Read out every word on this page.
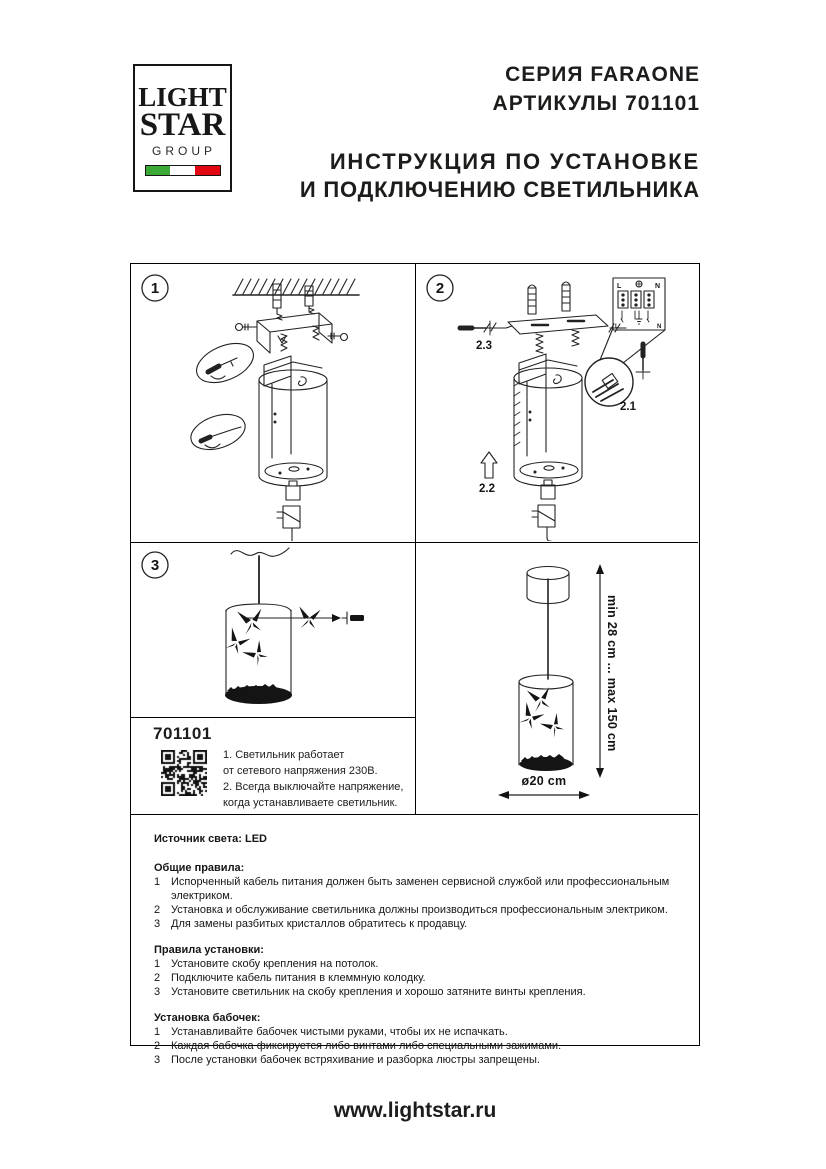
LIGHT
STAR
GROUP
СЕРИЯ FARAONE
АРТИКУЛЫ 701101
ИНСТРУКЦИЯ ПО УСТАНОВКЕ
И ПОДКЛЮЧЕНИЮ СВЕТИЛЬНИКА
1	2	L	N
L	N
2.3
2.2
2.1
3
701101
1. Светильник работает
от сетевого напряжения 230В.
2. Всегда выключайте напряжение,
когда устанавливаете светильник.
min 28 cm ... max 150 cm
ø20 cm
Источник света: LED
Общие правила:
1 Испорченный кабель питания должен быть заменен сервисной службой или профессиональным электриком.
2 Установка и обслуживание светильника должны производиться профессиональным электриком.
3 Для замены разбитых кристаллов обратитесь к продавцу.
Правила установки:
1 Установите скобу крепления на потолок.
2 Подключите кабель питания в клеммную колодку.
3 Установите светильник на скобу крепления и хорошо затяните винты крепления.
Установка бабочек:
1 Устанавливайте бабочек чистыми руками, чтобы их не испачкать.
2 Каждая бабочка фиксируется либо винтами либо специальными зажимами.
3 После установки бабочек встряхивание и разборка люстры запрещены.
www.lightstar.ru
